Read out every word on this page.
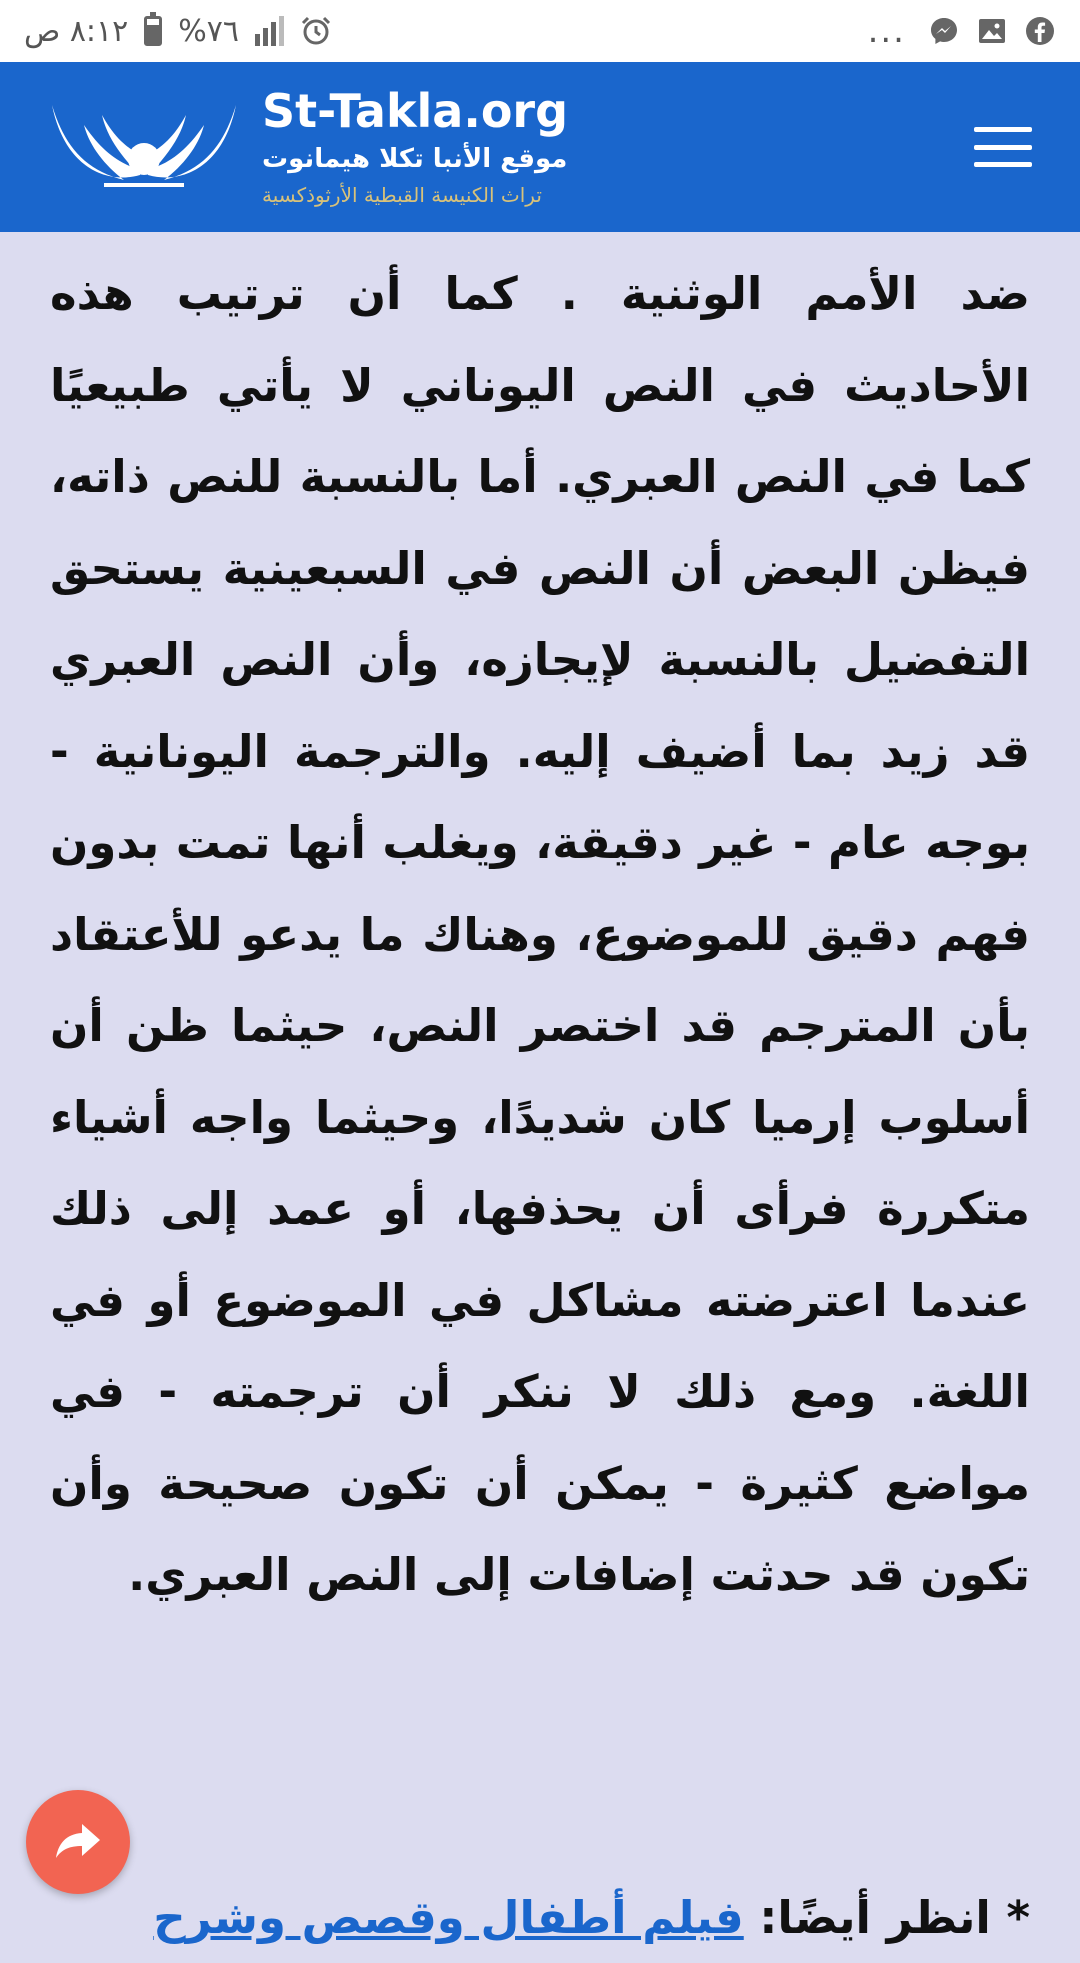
٨:١٢ ص %٧٦	...
St-Takla.org
موقع الأنبا تكلا هيمانوت
تراث الكنيسة القبطية الأرثوذكسية

ضد الأمم الوثنية . كما أن ترتيب هذه الأحاديث في النص اليوناني لا يأتي طبيعيًا كما في النص العبري. أما بالنسبة للنص ذاته، فيظن البعض أن النص في السبعينية يستحق التفضيل بالنسبة لإيجازه، وأن النص العبري قد زيد بما أضيف إليه. والترجمة اليونانية - بوجه عام - غير دقيقة، ويغلب أنها تمت بدون فهم دقيق للموضوع، وهناك ما يدعو للأعتقاد بأن المترجم قد اختصر النص، حيثما ظن أن أسلوب إرميا كان شديدًا، وحيثما واجه أشياء متكررة فرأى أن يحذفها، أو عمد إلى ذلك عندما اعترضته مشاكل في الموضوع أو في اللغة. ومع ذلك لا ننكر أن ترجمته - في مواضع كثيرة - يمكن أن تكون صحيحة وأن تكون قد حدثت إضافات إلى النص العبري.

* انظر أيضًا: فيلم أطفال وقصص وشرح
